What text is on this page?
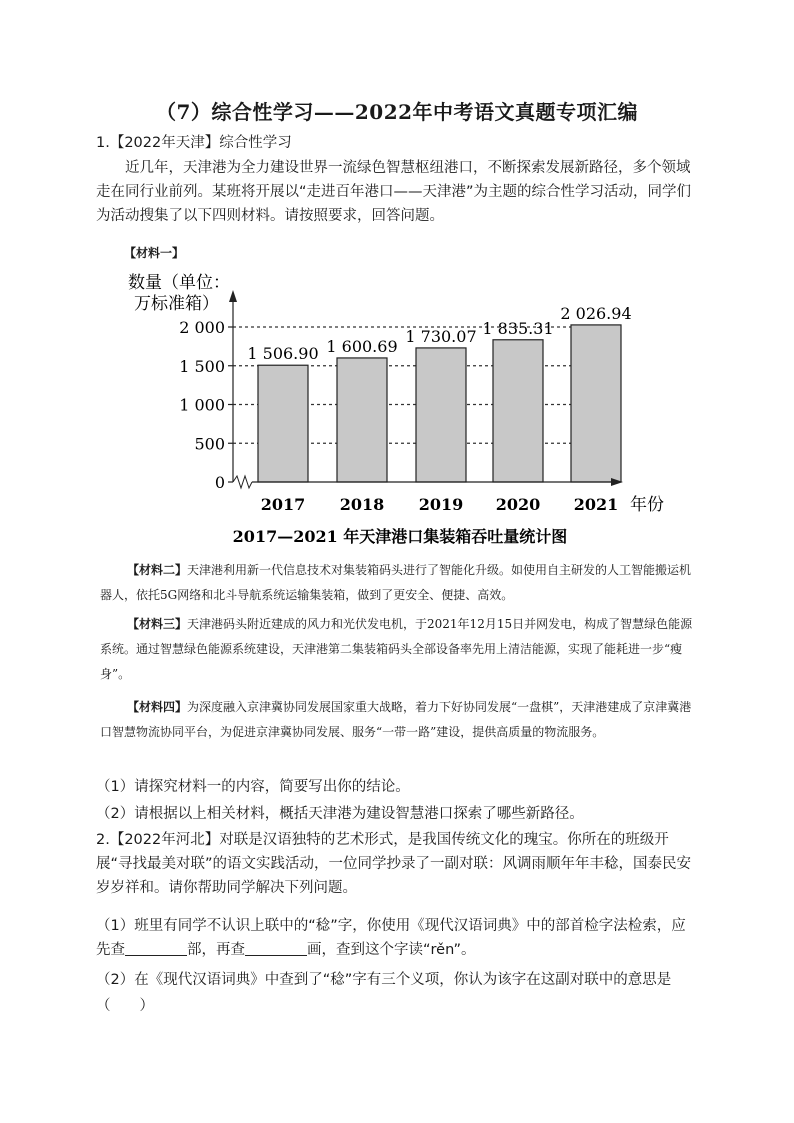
（7）综合性学习——2022年中考语文真题专项汇编

1.【2022年天津】综合性学习

近几年，天津港为全力建设世界一流绿色智慧枢纽港口，不断探索发展新路径，多个领域走在同行业前列。某班将开展以“走进百年港口——天津港”为主题的综合性学习活动，同学们为活动搜集了以下四则材料。请按照要求，回答问题。

【材料一】
数量（单位：
万标准箱）
0
500
1 000
1 500
2 000
1 506.90
2017
1 600.69
2018
1 730.07
2019
1 835.31
2020
2 026.94
2021 年份
2017—2021 年天津港口集装箱吞吐量统计图

【材料二】天津港利用新一代信息技术对集装箱码头进行了智能化升级。如使用自主研发的人工智能搬运机器人，依托5G网络和北斗导航系统运输集装箱，做到了更安全、便捷、高效。

【材料三】天津港码头附近建成的风力和光伏发电机，于2021年12月15日并网发电，构成了智慧绿色能源系统。通过智慧绿色能源系统建设，天津港第二集装箱码头全部设备率先用上清洁能源，实现了能耗进一步“瘦身”。

【材料四】为深度融入京津冀协同发展国家重大战略，着力下好协同发展“一盘棋”，天津港建成了京津冀港口智慧物流协同平台，为促进京津冀协同发展、服务“一带一路”建设，提供高质量的物流服务。

（1）请探究材料一的内容，简要写出你的结论。

（2）请根据以上相关材料，概括天津港为建设智慧港口探索了哪些新路径。

2.【2022年河北】对联是汉语独特的艺术形式，是我国传统文化的瑰宝。你所在的班级开展“寻找最美对联”的语文实践活动，一位同学抄录了一副对联：风调雨顺年年丰稔，国泰民安岁岁祥和。请你帮助同学解决下列问题。

（1）班里有同学不认识上联中的“稔”字，你使用《现代汉语词典》中的部首检字法检索，应先查	部，再查	画，查到这个字读“rěn”。

（2）在《现代汉语词典》中查到了“稔”字有三个义项，你认为该字在这副对联中的意思是

（　　）
